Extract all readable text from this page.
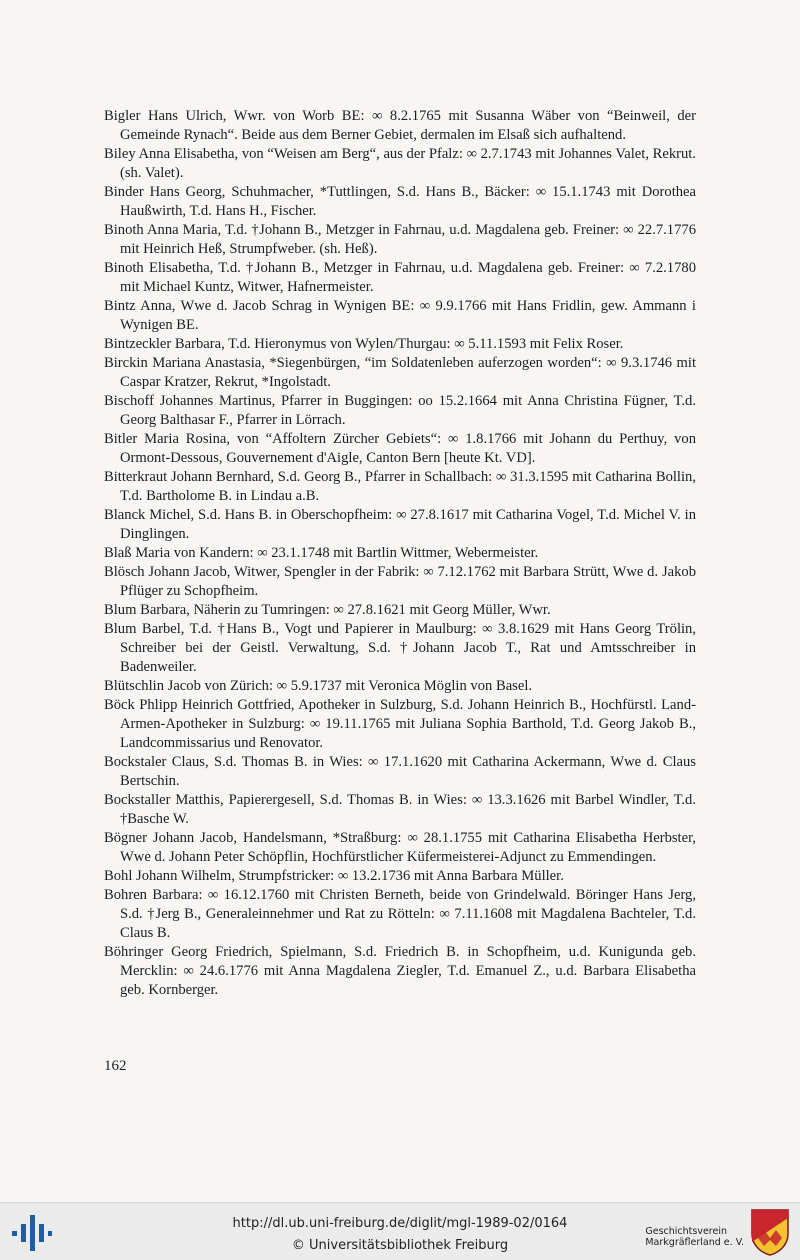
Bigler Hans Ulrich, Wwr. von Worb BE: ∞ 8.2.1765 mit Susanna Wäber von “Beinweil, der Gemeinde Rynach“. Beide aus dem Berner Gebiet, dermalen im Elsaß sich aufhaltend.

Biley Anna Elisabetha, von “Weisen am Berg“, aus der Pfalz: ∞ 2.7.1743 mit Johannes Valet, Rekrut. (sh. Valet).

Binder Hans Georg, Schuhmacher, *Tuttlingen, S.d. Hans B., Bäcker: ∞ 15.1.1743 mit Dorothea Haußwirth, T.d. Hans H., Fischer.

Binoth Anna Maria, T.d. †Johann B., Metzger in Fahrnau, u.d. Magdalena geb. Freiner: ∞ 22.7.1776 mit Heinrich Heß, Strumpfweber. (sh. Heß).

Binoth Elisabetha, T.d. †Johann B., Metzger in Fahrnau, u.d. Magdalena geb. Freiner: ∞ 7.2.1780 mit Michael Kuntz, Witwer, Hafnermeister.

Bintz Anna, Wwe d. Jacob Schrag in Wynigen BE: ∞ 9.9.1766 mit Hans Fridlin, gew. Ammann i Wynigen BE.

Bintzeckler Barbara, T.d. Hieronymus von Wylen/Thurgau: ∞ 5.11.1593 mit Felix Roser.

Birckin Mariana Anastasia, *Siegenbürgen, “im Soldatenleben auferzogen worden“: ∞ 9.3.1746 mit Caspar Kratzer, Rekrut, *Ingolstadt.

Bischoff Johannes Martinus, Pfarrer in Buggingen: oo 15.2.1664 mit Anna Christina Fügner, T.d. Georg Balthasar F., Pfarrer in Lörrach.

Bitler Maria Rosina, von “Affoltern Zürcher Gebiets“: ∞ 1.8.1766 mit Johann du Perthuy, von Ormont-Dessous, Gouvernement d'Aigle, Canton Bern [heute Kt. VD].

Bitterkraut Johann Bernhard, S.d. Georg B., Pfarrer in Schallbach: ∞ 31.3.1595 mit Catharina Bollin, T.d. Bartholome B. in Lindau a.B.

Blanck Michel, S.d. Hans B. in Oberschopfheim: ∞ 27.8.1617 mit Catharina Vogel, T.d. Michel V. in Dinglingen.

Blaß Maria von Kandern: ∞ 23.1.1748 mit Bartlin Wittmer, Webermeister.

Blösch Johann Jacob, Witwer, Spengler in der Fabrik: ∞ 7.12.1762 mit Barbara Strütt, Wwe d. Jakob Pflüger zu Schopfheim.

Blum Barbara, Näherin zu Tumringen: ∞ 27.8.1621 mit Georg Müller, Wwr.

Blum Barbel, T.d. †Hans B., Vogt und Papierer in Maulburg: ∞ 3.8.1629 mit Hans Georg Trölin, Schreiber bei der Geistl. Verwaltung, S.d. †Johann Jacob T., Rat und Amtsschreiber in Badenweiler.

Blütschlin Jacob von Zürich: ∞ 5.9.1737 mit Veronica Möglin von Basel.

Böck Phlipp Heinrich Gottfried, Apotheker in Sulzburg, S.d. Johann Heinrich B., Hochfürstl. Land-Armen-Apotheker in Sulzburg: ∞ 19.11.1765 mit Juliana Sophia Barthold, T.d. Georg Jakob B., Landcommissarius und Renovator.

Bockstaler Claus, S.d. Thomas B. in Wies: ∞ 17.1.1620 mit Catharina Ackermann, Wwe d. Claus Bertschin.

Bockstaller Matthis, Papierergesell, S.d. Thomas B. in Wies: ∞ 13.3.1626 mit Barbel Windler, T.d. †Basche W.

Bögner Johann Jacob, Handelsmann, *Straßburg: ∞ 28.1.1755 mit Catharina Elisabetha Herbster, Wwe d. Johann Peter Schöpflin, Hochfürstlicher Küfermeisterei-Adjunct zu Emmendingen.

Bohl Johann Wilhelm, Strumpfstricker: ∞ 13.2.1736 mit Anna Barbara Müller.

Bohren Barbara: ∞ 16.12.1760 mit Christen Berneth, beide von Grindelwald. Böringer Hans Jerg, S.d. †Jerg B., Generaleinnehmer und Rat zu Rötteln: ∞ 7.11.1608 mit Magdalena Bachteler, T.d. Claus B.

Böhringer Georg Friedrich, Spielmann, S.d. Friedrich B. in Schopfheim, u.d. Kunigunda geb. Mercklin: ∞ 24.6.1776 mit Anna Magdalena Ziegler, T.d. Emanuel Z., u.d. Barbara Elisabetha geb. Kornberger.

162
http://dl.ub.uni-freiburg.de/diglit/mgl-1989-02/0164
© Universitätsbibliothek Freiburg
Geschichtsverein
Markgräflerland e. V.
